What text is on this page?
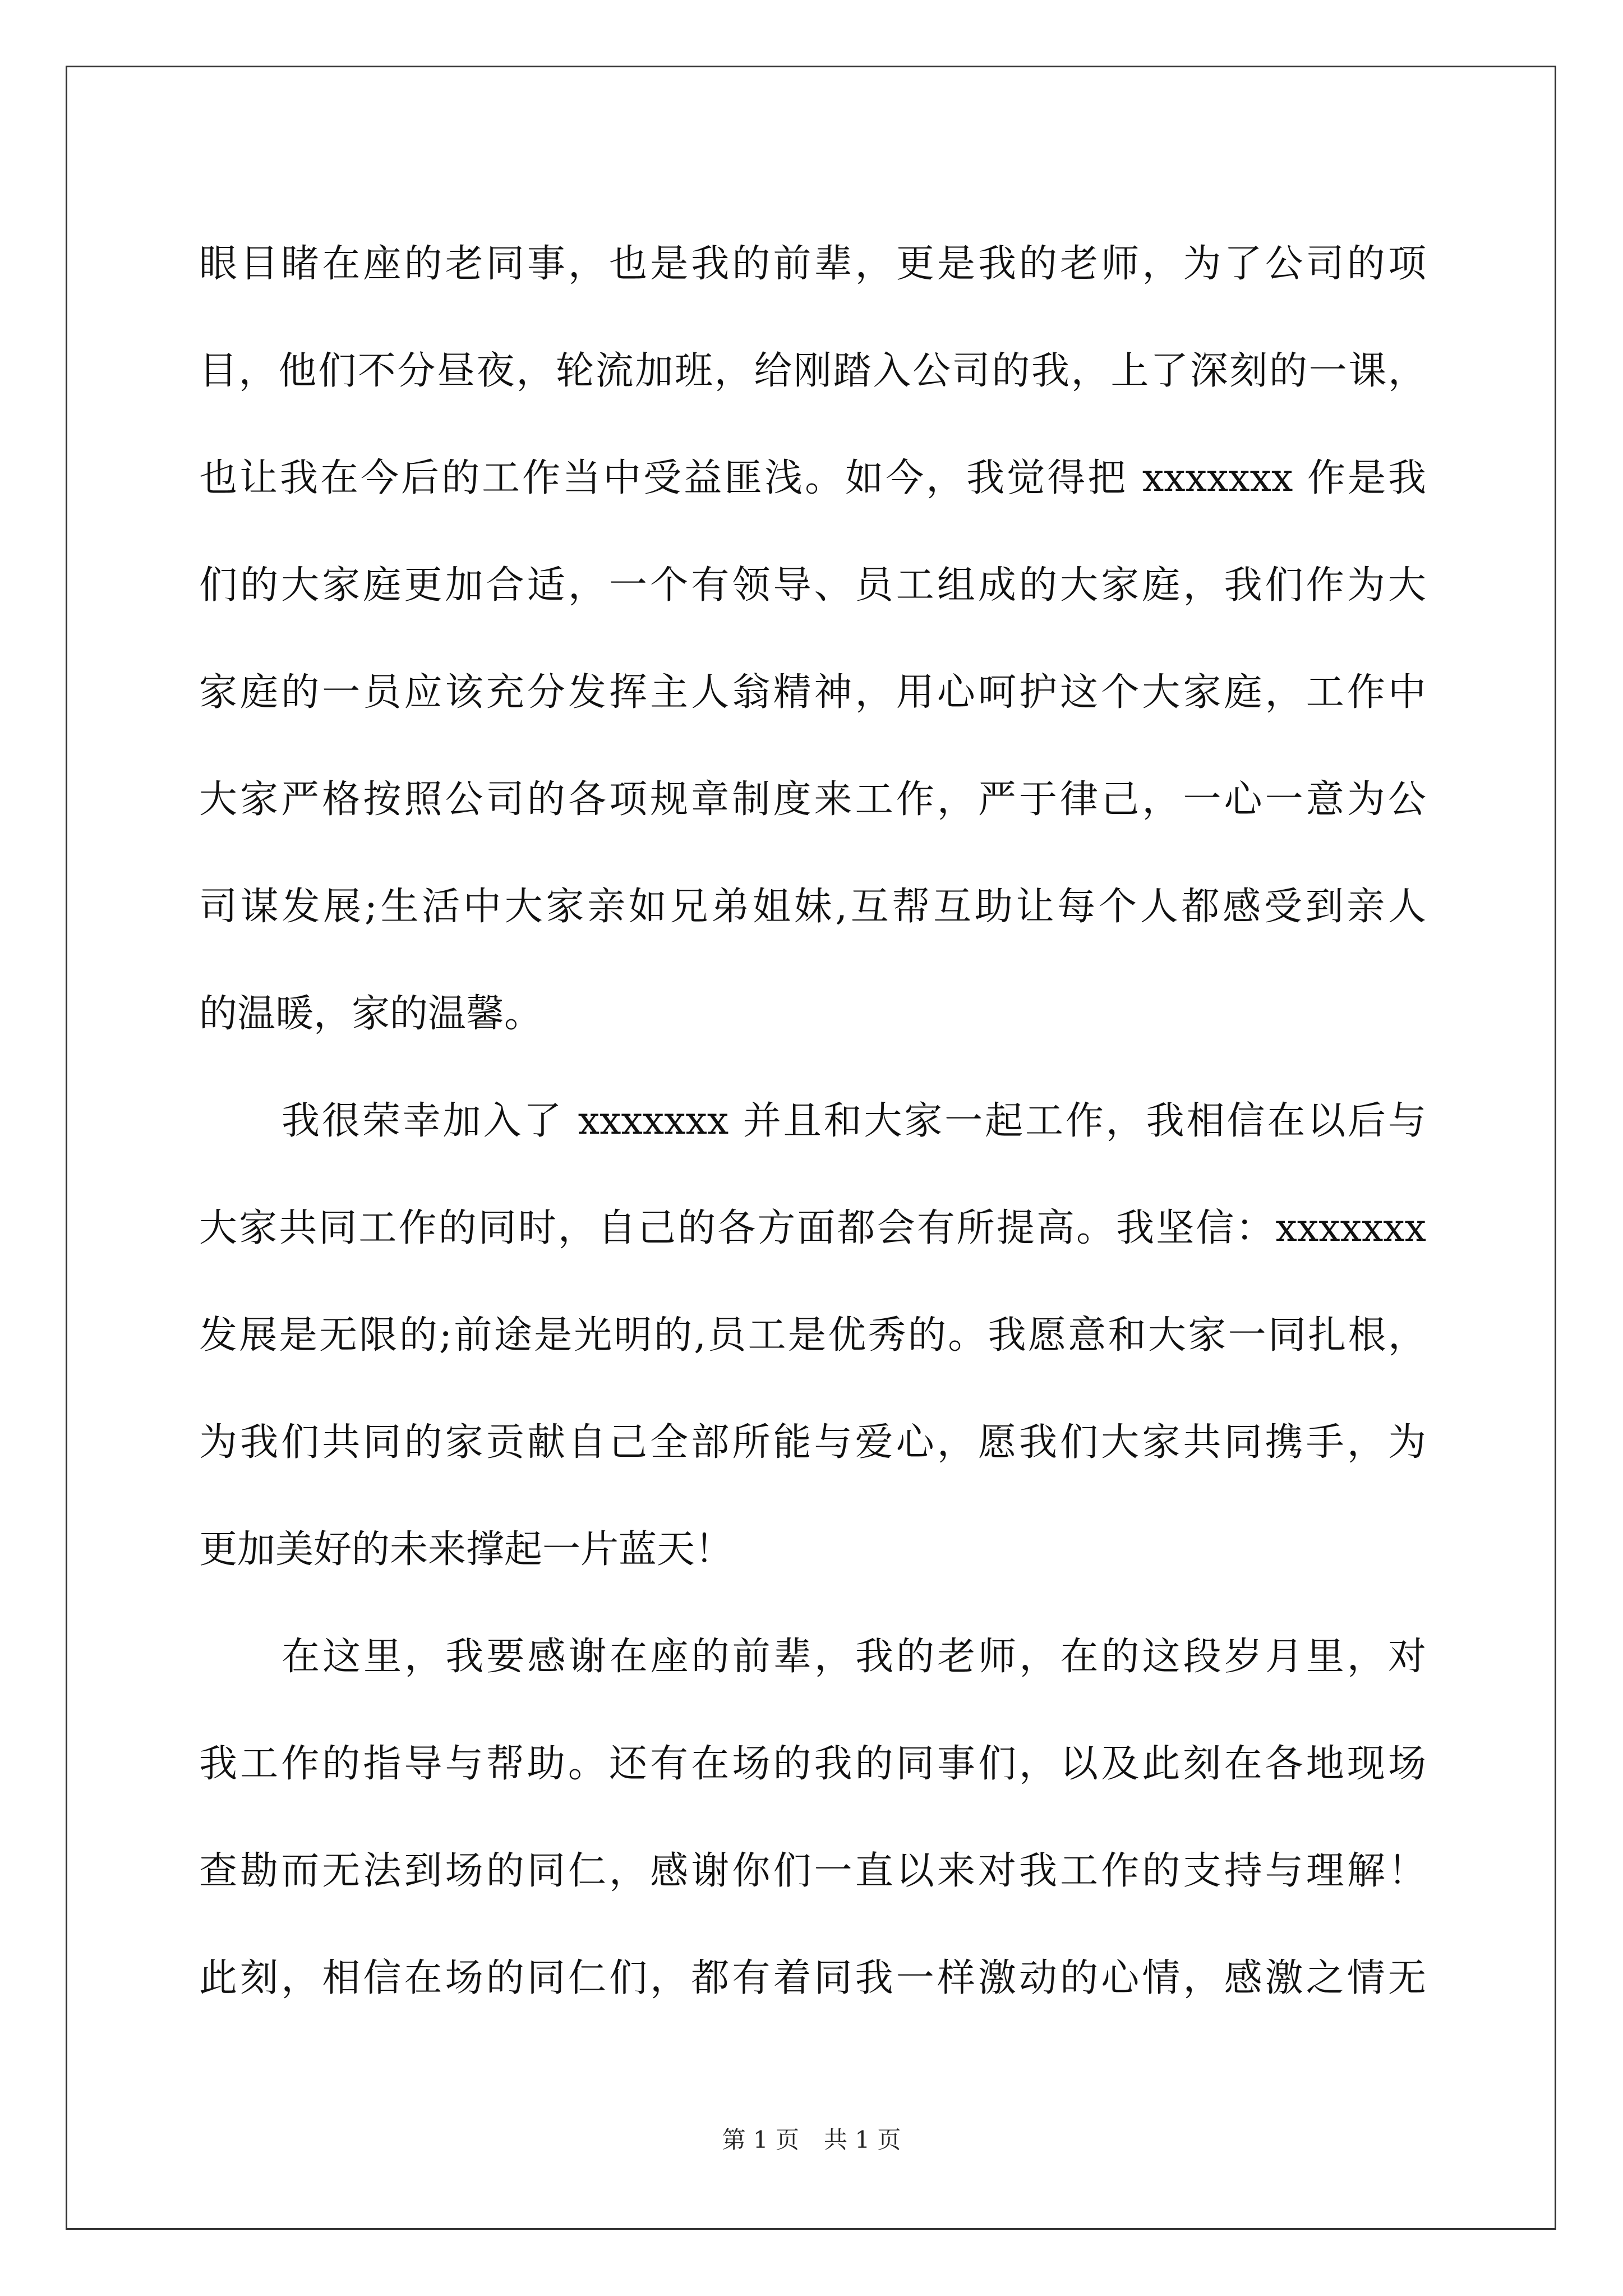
眼目睹在座的老同事，也是我的前辈，更是我的老师，为了公司的项
目，他们不分昼夜，轮流加班，给刚踏入公司的我，上了深刻的一课，
也让我在今后的工作当中受益匪浅。如今，我觉得把 xxxxxxx 作是我
们的大家庭更加合适，一个有领导、员工组成的大家庭，我们作为大
家庭的一员应该充分发挥主人翁精神，用心呵护这个大家庭，工作中
大家严格按照公司的各项规章制度来工作，严于律己，一心一意为公
司谋发展;生活中大家亲如兄弟姐妹,互帮互助让每个人都感受到亲人
的温暖，家的温馨。
我很荣幸加入了 xxxxxxx 并且和大家一起工作，我相信在以后与
大家共同工作的同时，自己的各方面都会有所提高。我坚信：xxxxxxx
发展是无限的;前途是光明的,员工是优秀的。我愿意和大家一同扎根，
为我们共同的家贡献自己全部所能与爱心，愿我们大家共同携手，为
更加美好的未来撑起一片蓝天！
在这里，我要感谢在座的前辈，我的老师，在的这段岁月里，对
我工作的指导与帮助。还有在场的我的同事们，以及此刻在各地现场
查勘而无法到场的同仁，感谢你们一直以来对我工作的支持与理解！
此刻，相信在场的同仁们，都有着同我一样激动的心情，感激之情无
第 1 页 共 1 页
